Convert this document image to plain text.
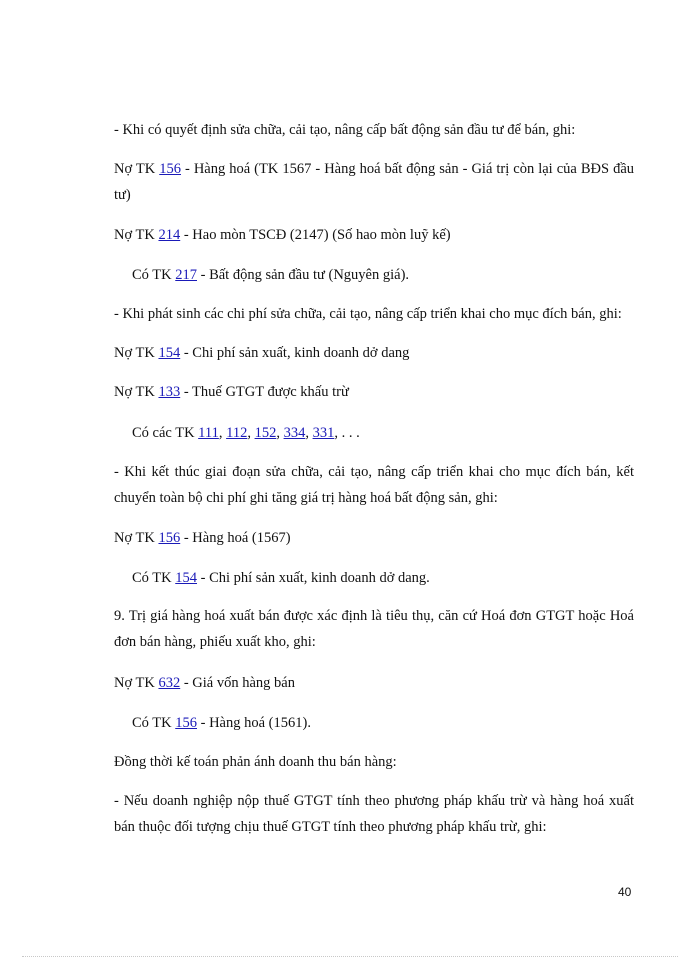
- Khi có quyết định sửa chữa, cải tạo, nâng cấp bất động sản đầu tư để bán, ghi:

Nợ TK 156 - Hàng hoá (TK 1567 - Hàng hoá bất động sản - Giá trị còn lại của BĐS đầu tư)

Nợ TK 214 - Hao mòn TSCĐ (2147) (Số hao mòn luỹ kế)

Có TK 217 - Bất động sản đầu tư (Nguyên giá).

- Khi phát sinh các chi phí sửa chữa, cải tạo, nâng cấp triển khai cho mục đích bán, ghi:

Nợ TK 154 - Chi phí sản xuất, kinh doanh dở dang

Nợ TK 133 - Thuế GTGT được khấu trừ

Có các TK 111, 112, 152, 334, 331, . . .

- Khi kết thúc giai đoạn sửa chữa, cải tạo, nâng cấp triển khai cho mục đích bán, kết chuyển toàn bộ chi phí ghi tăng giá trị hàng hoá bất động sản, ghi:

Nợ TK 156 - Hàng hoá (1567)

Có TK 154 - Chi phí sản xuất, kinh doanh dở dang.

9. Trị giá hàng hoá xuất bán được xác định là tiêu thụ, căn cứ Hoá đơn GTGT hoặc Hoá đơn bán hàng, phiếu xuất kho, ghi:

Nợ TK 632 - Giá vốn hàng bán

Có TK 156 - Hàng hoá (1561).

Đồng thời kế toán phản ánh doanh thu bán hàng:

- Nếu doanh nghiệp nộp thuế GTGT tính theo phương pháp khấu trừ và hàng hoá xuất bán thuộc đối tượng chịu thuế GTGT tính theo phương pháp khấu trừ, ghi:

40
